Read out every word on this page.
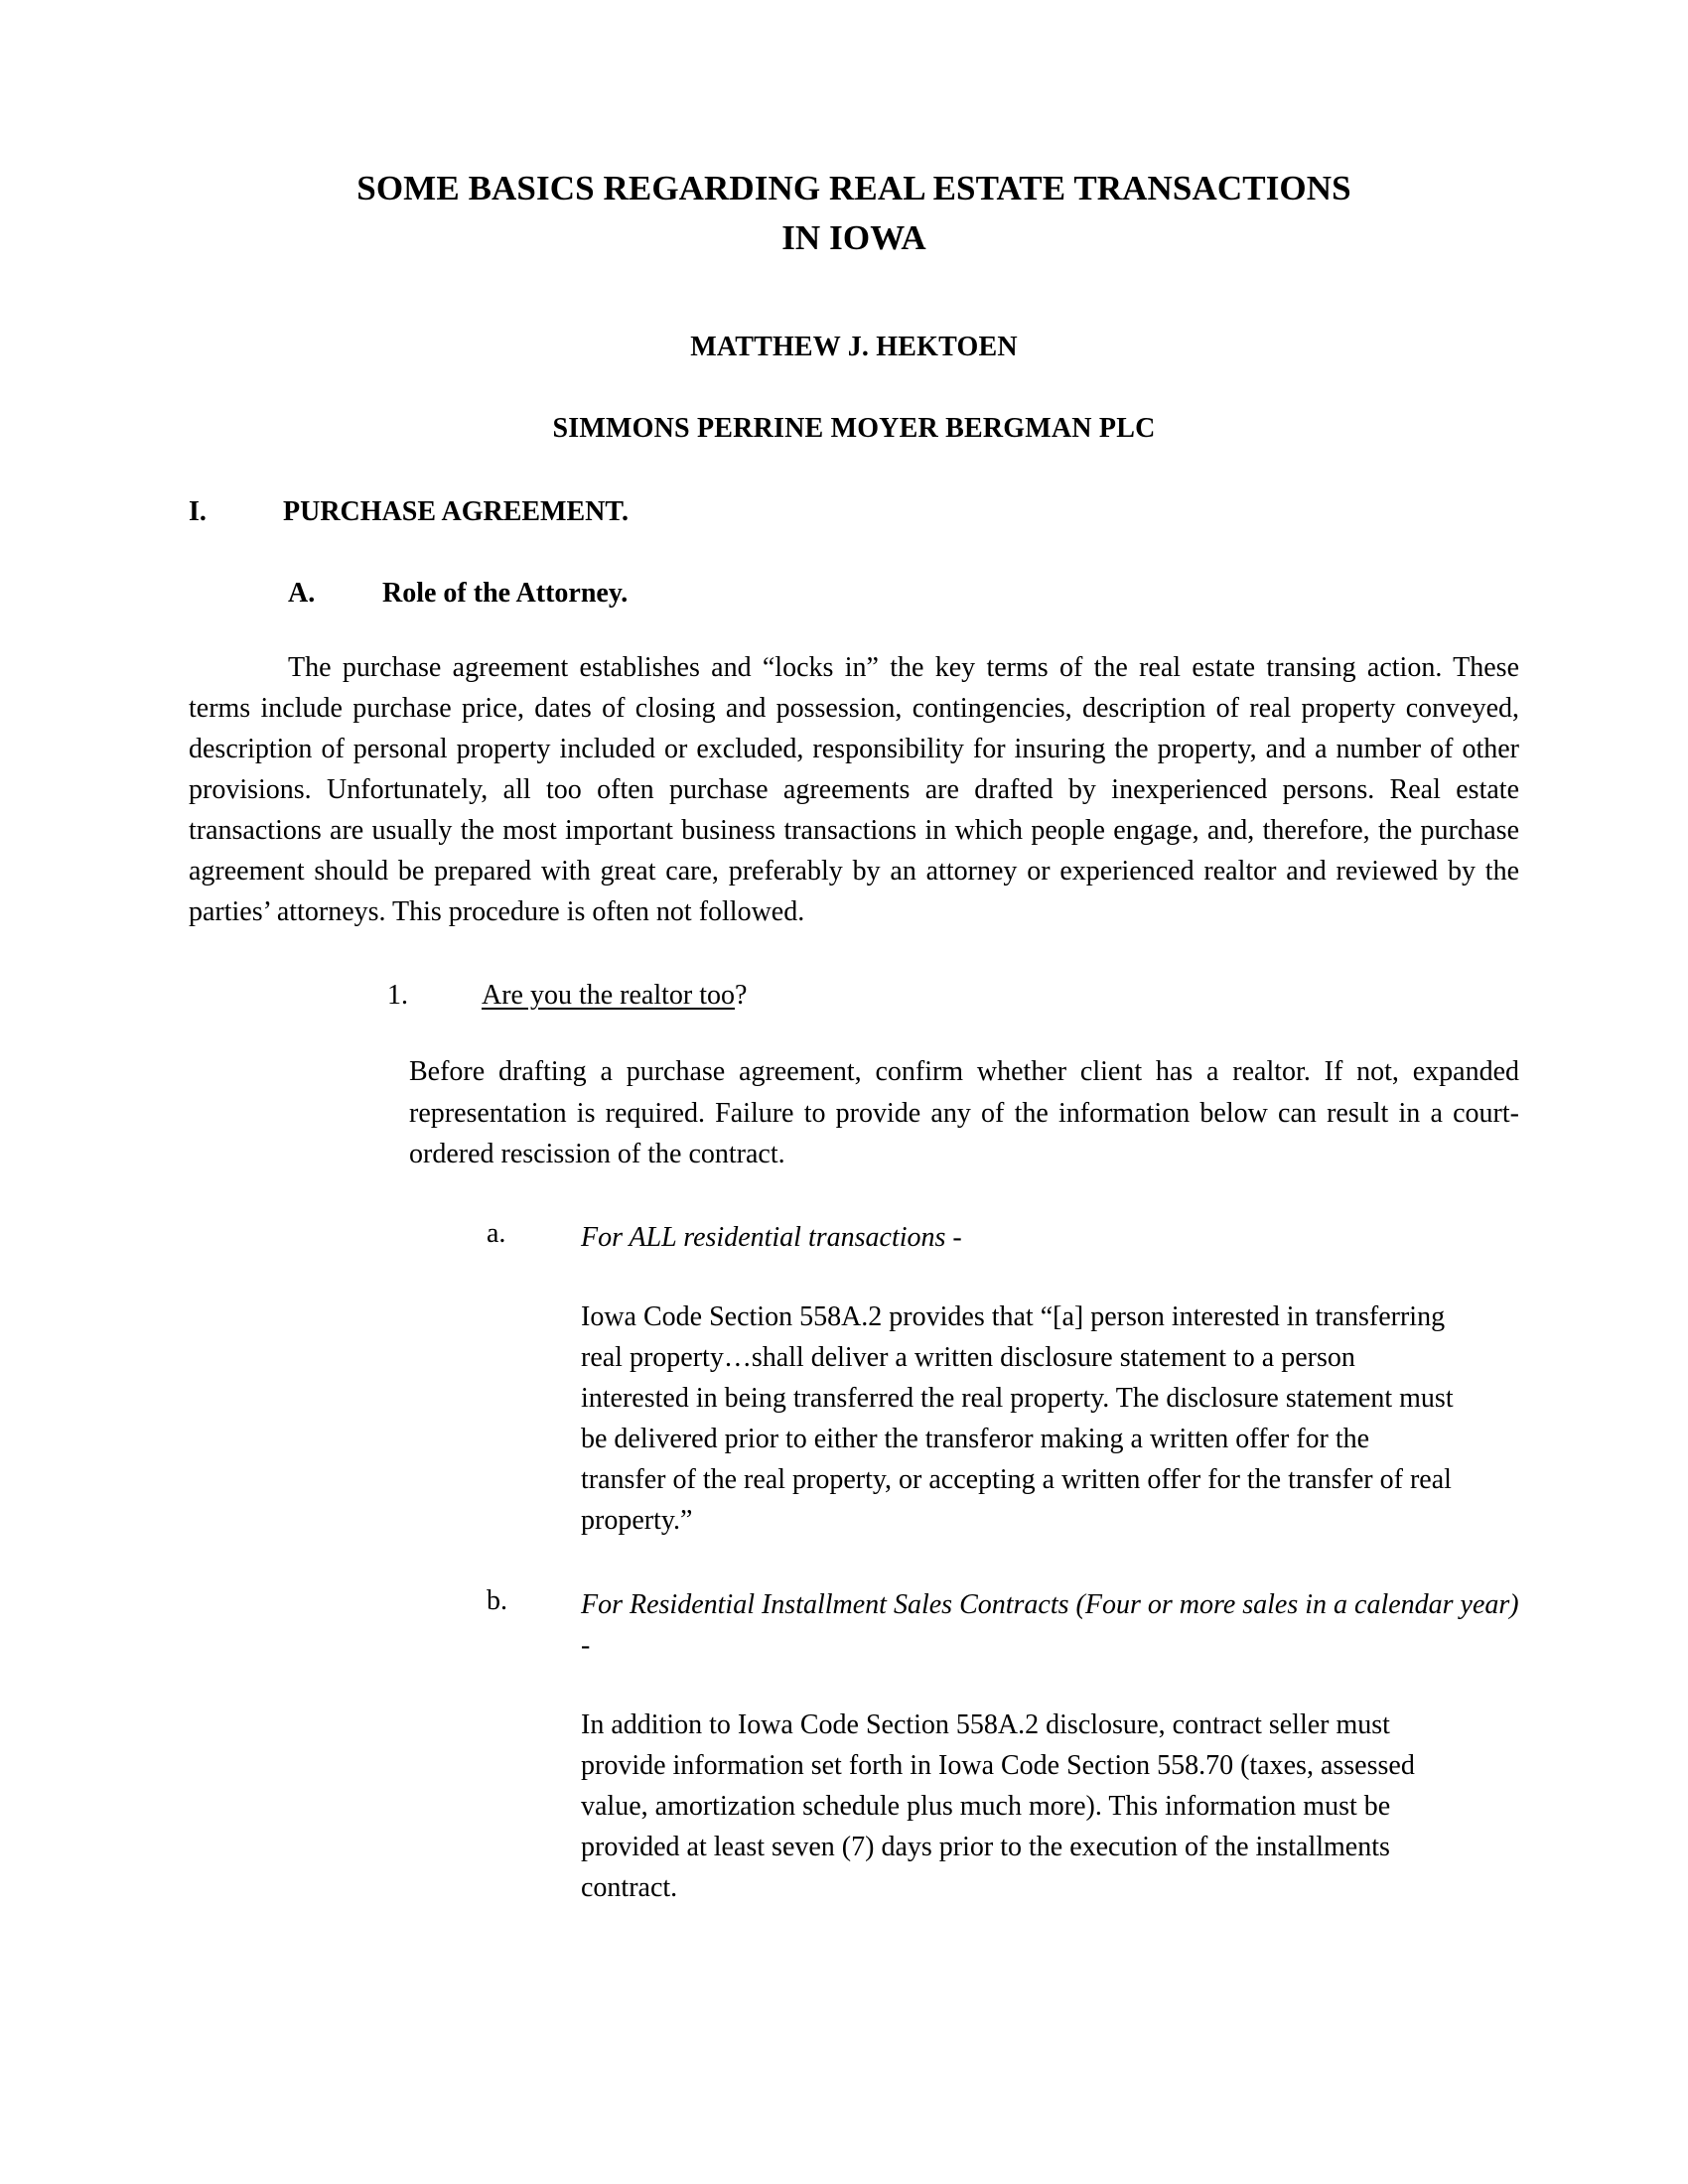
SOME BASICS REGARDING REAL ESTATE TRANSACTIONS
IN IOWA
MATTHEW J. HEKTOEN
SIMMONS PERRINE MOYER BERGMAN PLC
I.	PURCHASE AGREEMENT.
A.	Role of the Attorney.

The purchase agreement establishes and “locks in” the key terms of the real estate transing action. These terms include purchase price, dates of closing and possession, contingencies, description of real property conveyed, description of personal property included or excluded, responsibility for insuring the property, and a number of other provisions. Unfortunately, all too often purchase agreements are drafted by inexperienced persons. Real estate transactions are usually the most important business transactions in which people engage, and, therefore, the purchase agreement should be prepared with great care, preferably by an attorney or experienced realtor and reviewed by the parties’ attorneys. This procedure is often not followed.

1.	Are you the realtor too?

Before drafting a purchase agreement, confirm whether client has a realtor. If not, expanded representation is required. Failure to provide any of the information below can result in a court-ordered rescission of the contract.

a.	For ALL residential transactions -

Iowa Code Section 558A.2 provides that “[a] person interested in transferring real property…shall deliver a written disclosure statement to a person interested in being transferred the real property. The disclosure statement must be delivered prior to either the transferor making a written offer for the transfer of the real property, or accepting a written offer for the transfer of real property.”

b.	For Residential Installment Sales Contracts (Four or more sales in a calendar year) -

In addition to Iowa Code Section 558A.2 disclosure, contract seller must provide information set forth in Iowa Code Section 558.70 (taxes, assessed value, amortization schedule plus much more). This information must be provided at least seven (7) days prior to the execution of the installments contract.
